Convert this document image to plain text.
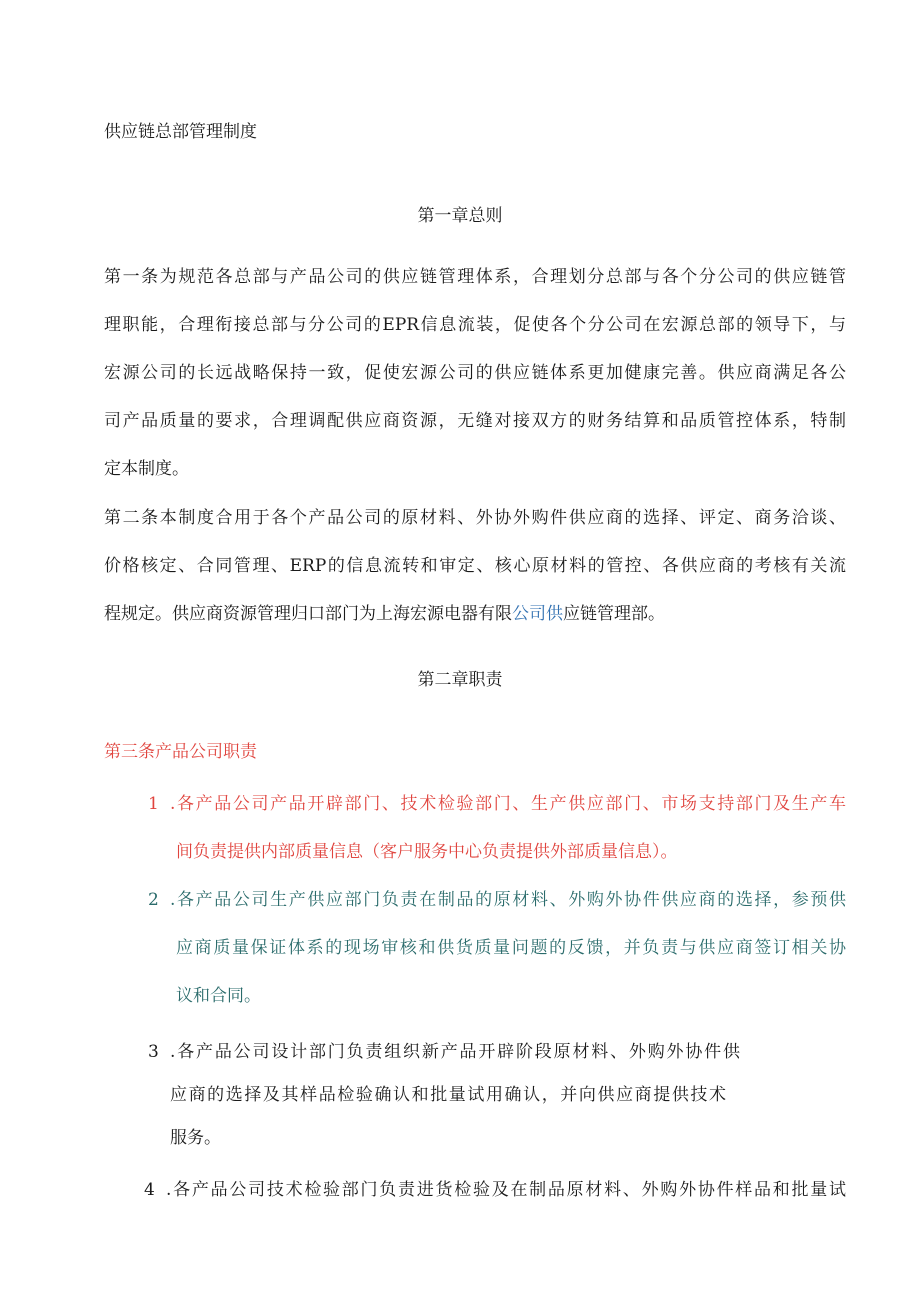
供应链总部管理制度
第一章总则
第一条为规范各总部与产品公司的供应链管理体系，合理划分总部与各个分公司的供应链管
理职能，合理衔接总部与分公司的EPR信息流装，促使各个分公司在宏源总部的领导下，与
宏源公司的长远战略保持一致，促使宏源公司的供应链体系更加健康完善。供应商满足各公
司产品质量的要求，合理调配供应商资源，无缝对接双方的财务结算和品质管控体系，特制
定本制度。
第二条本制度合用于各个产品公司的原材料、外协外购件供应商的选择、评定、商务洽谈、
价格核定、合同管理、ERP的信息流转和审定、核心原材料的管控、各供应商的考核有关流
程规定。供应商资源管理归口部门为上海宏源电器有限公司供应链管理部。
第二章职责
第三条产品公司职责
1 .各产品公司产品开辟部门、技术检验部门、生产供应部门、市场支持部门及生产车
间负责提供内部质量信息（客户服务中心负责提供外部质量信息）。
2 .各产品公司生产供应部门负责在制品的原材料、外购外协件供应商的选择，参预供
应商质量保证体系的现场审核和供货质量问题的反馈，并负责与供应商签订相关协
议和合同。
3 .各产品公司设计部门负责组织新产品开辟阶段原材料、外购外协件供
应商的选择及其样品检验确认和批量试用确认，并向供应商提供技术
服务。
4 .各产品公司技术检验部门负责进货检验及在制品原材料、外购外协件样品和批量试
